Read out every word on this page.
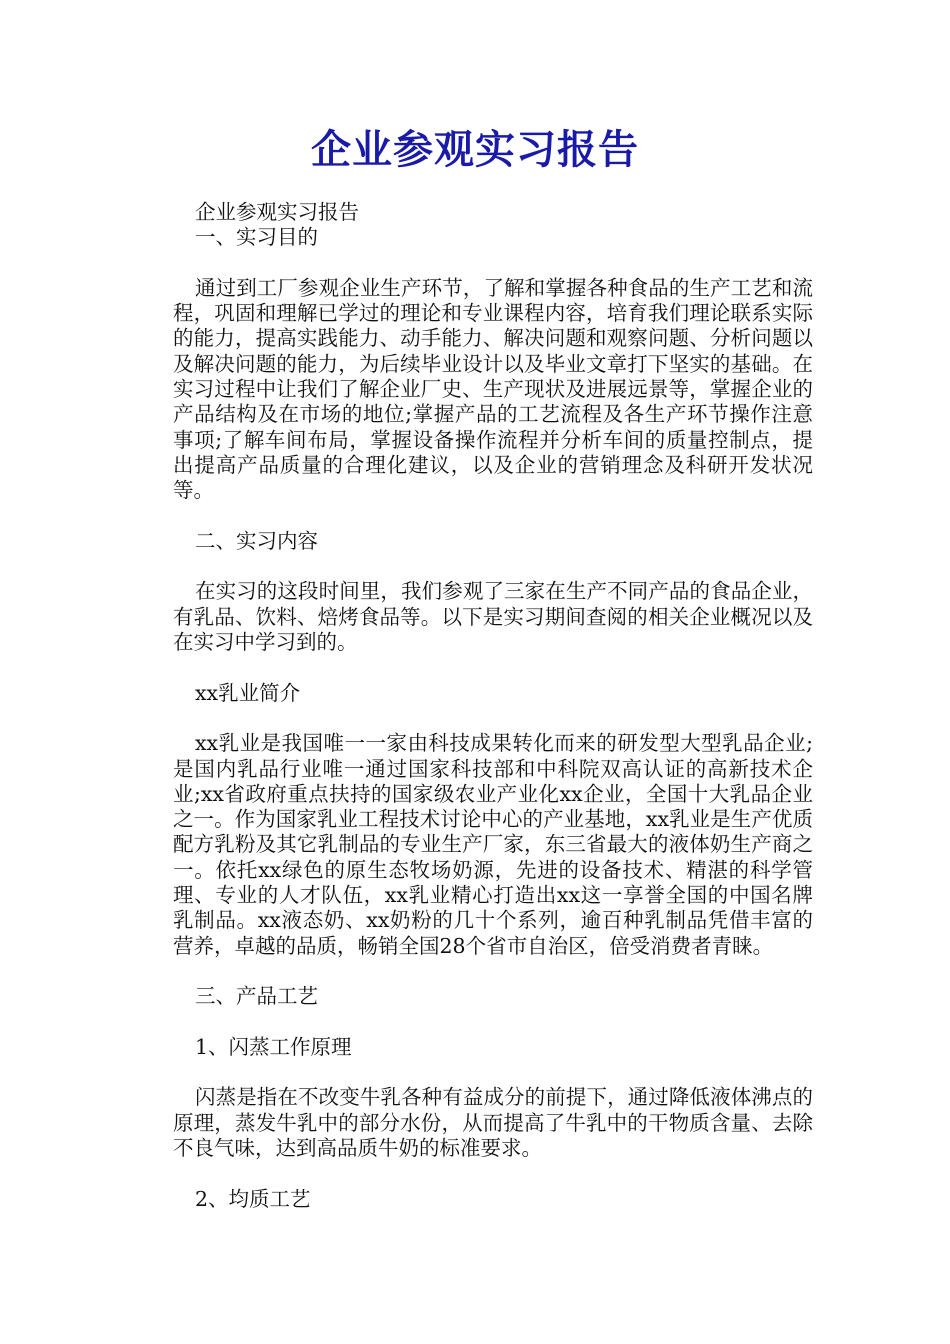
企业参观实习报告

企业参观实习报告

一、实习目的

通过到工厂参观企业生产环节，了解和掌握各种食品的生产工艺和流程，巩固和理解已学过的理论和专业课程内容，培育我们理论联系实际的能力，提高实践能力、动手能力、解决问题和观察问题、分析问题以及解决问题的能力，为后续毕业设计以及毕业文章打下坚实的基础。在实习过程中让我们了解企业厂史、生产现状及进展远景等，掌握企业的产品结构及在市场的地位;掌握产品的工艺流程及各生产环节操作注意事项;了解车间布局，掌握设备操作流程并分析车间的质量控制点，提出提高产品质量的合理化建议，以及企业的营销理念及科研开发状况等。

二、实习内容

在实习的这段时间里，我们参观了三家在生产不同产品的食品企业，有乳品、饮料、焙烤食品等。以下是实习期间查阅的相关企业概况以及在实习中学习到的。

xx乳业简介

xx乳业是我国唯一一家由科技成果转化而来的研发型大型乳品企业;是国内乳品行业唯一通过国家科技部和中科院双高认证的高新技术企业;xx省政府重点扶持的国家级农业产业化xx企业，全国十大乳品企业之一。作为国家乳业工程技术讨论中心的产业基地，xx乳业是生产优质配方乳粉及其它乳制品的专业生产厂家，东三省最大的液体奶生产商之一。依托xx绿色的原生态牧场奶源，先进的设备技术、精湛的科学管理、专业的人才队伍，xx乳业精心打造出xx这一享誉全国的中国名牌乳制品。xx液态奶、xx奶粉的几十个系列，逾百种乳制品凭借丰富的营养，卓越的品质，畅销全国28个省市自治区，倍受消费者青睐。

三、产品工艺

1、闪蒸工作原理

闪蒸是指在不改变牛乳各种有益成分的前提下，通过降低液体沸点的原理，蒸发牛乳中的部分水份，从而提高了牛乳中的干物质含量、去除不良气味，达到高品质牛奶的标准要求。

2、均质工艺
